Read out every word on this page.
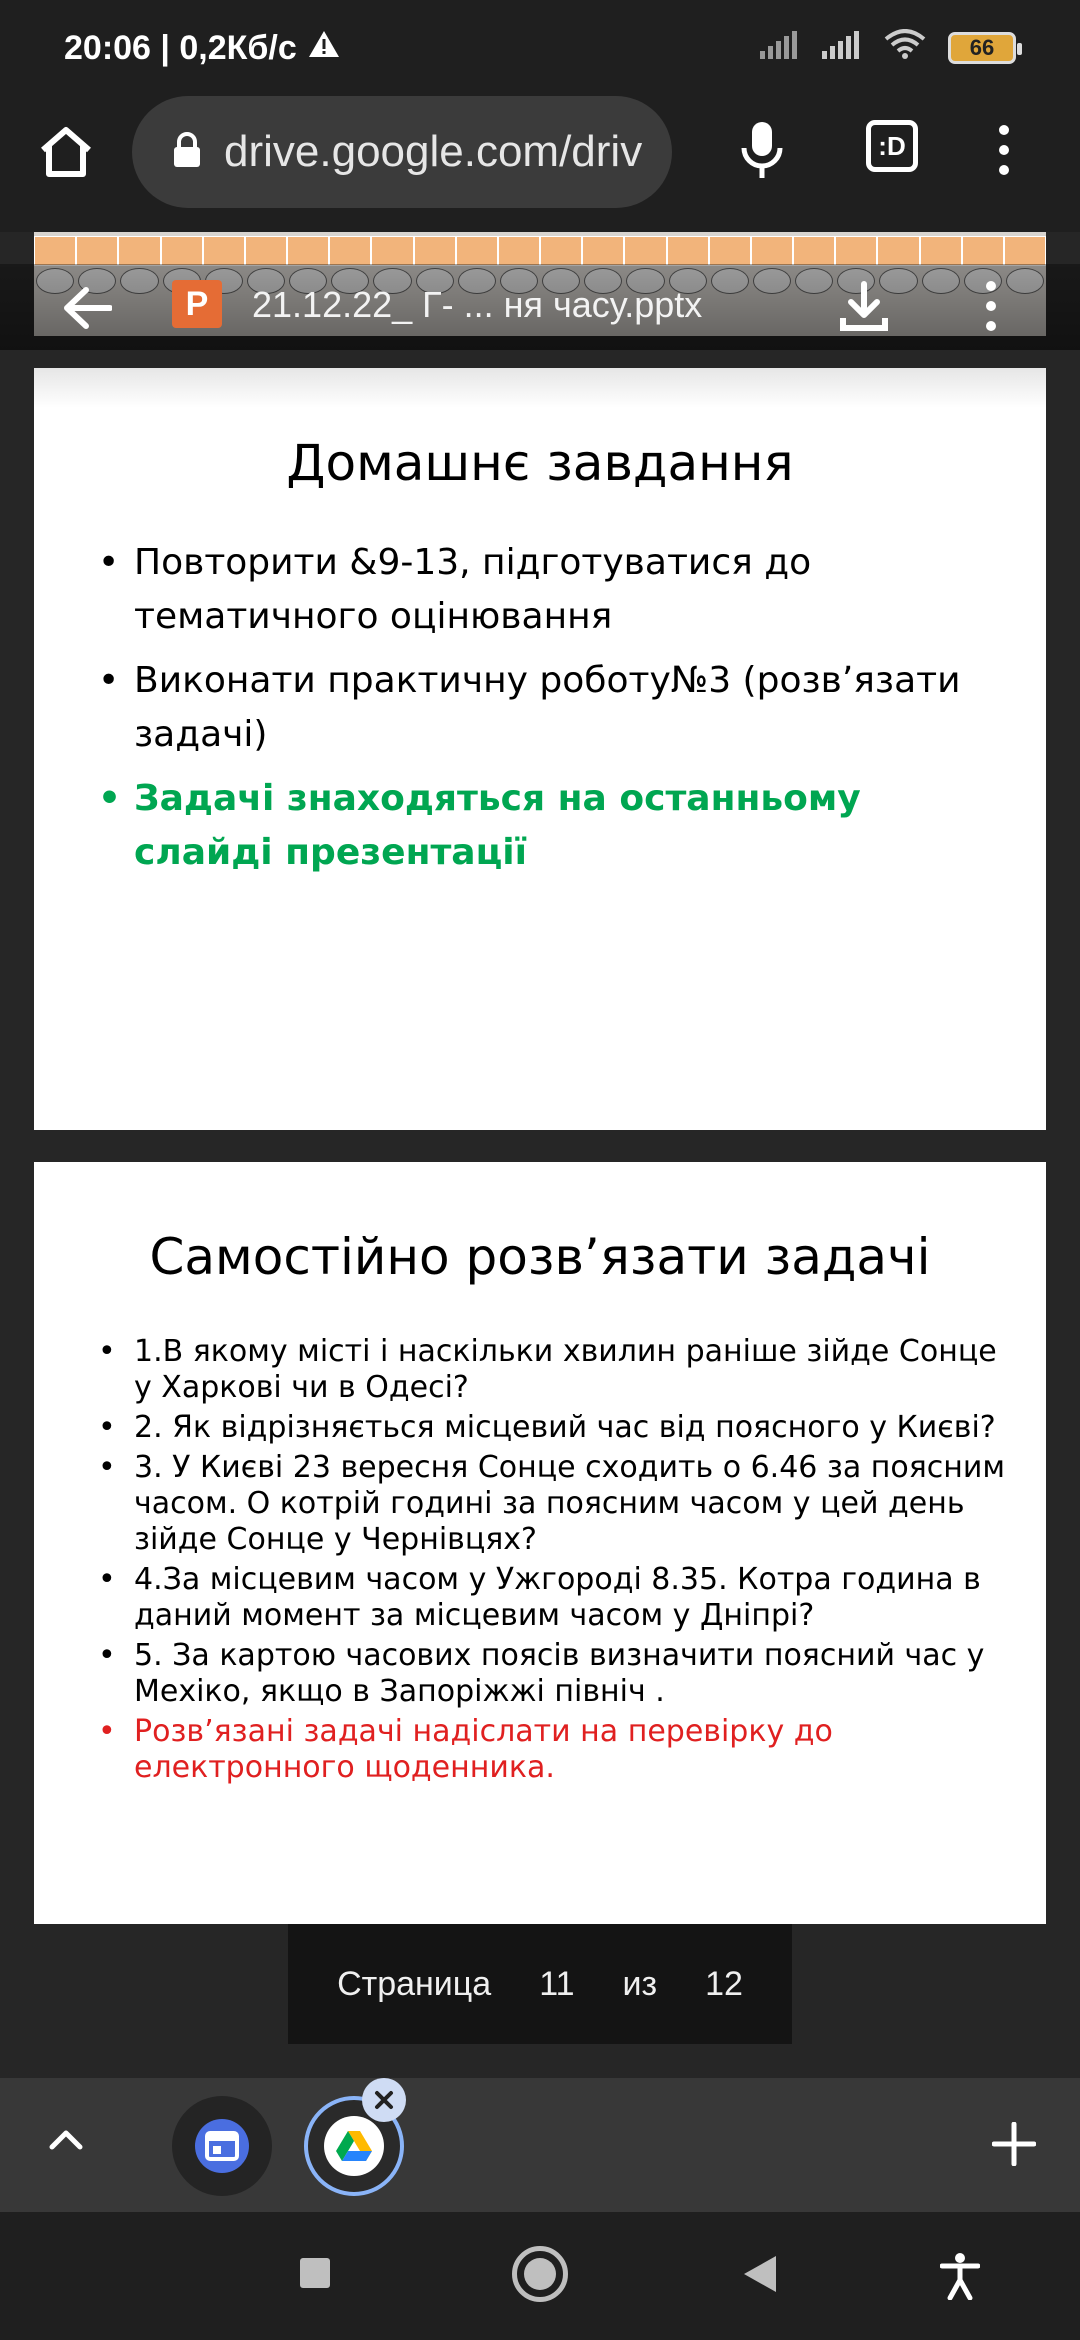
20:06 | 0,2Кб/с	66
drive.google.com/driv	:D
P	21.12.22_ Г- ... ня часу.pptx
Домашнє завдання
• Повторити &9-13, підготуватися до тематичного оцінювання
• Виконати практичну роботу№3 (розв’язати задачі)
• Задачі знаходяться на останньому слайді презентації
Самостійно розв’язати задачі
• 1.В якому місті і наскільки хвилин раніше зійде Сонце у Харкові чи в Одесі?
• 2. Як відрізняється місцевий час від поясного у Києві?
• 3. У Києві 23 вересня Сонце сходить о 6.46 за поясним часом. О котрій годині за поясним часом у цей день зійде Сонце у Чернівцях?
• 4.За місцевим часом у Ужгороді 8.35. Котра година в даний момент за місцевим часом у Дніпрі?
• 5. За картою часових поясів визначити поясний час у Мехіко, якщо в Запоріжжі північ .
• Розв’язані задачі надіслати на перевірку до електронного щоденника.
Страница 11 из 12
